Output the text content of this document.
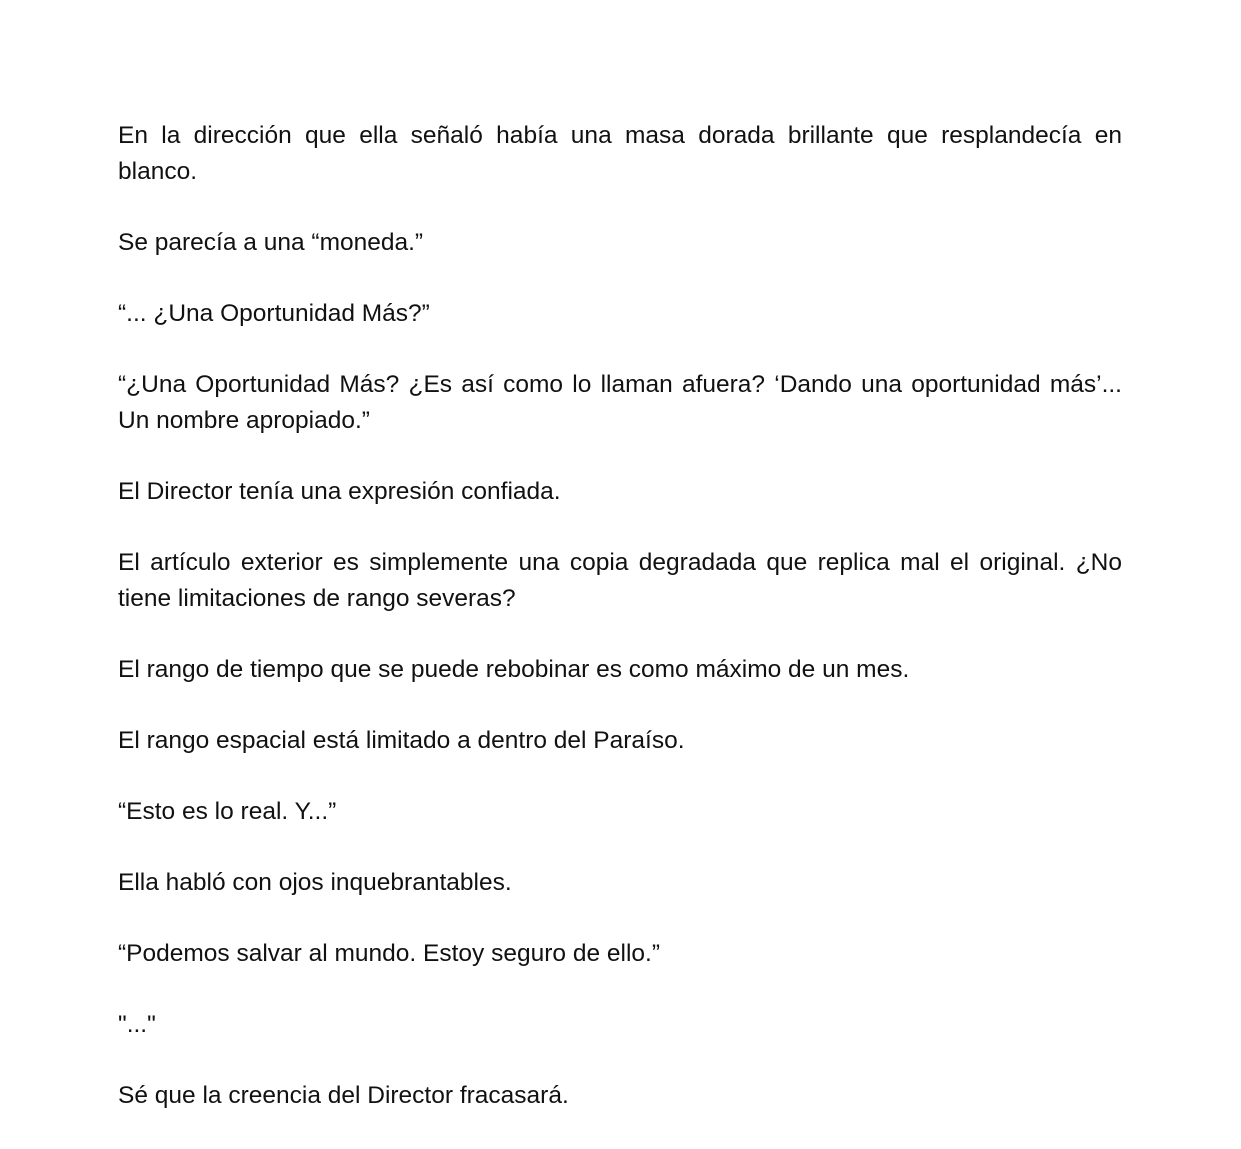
En la dirección que ella señaló había una masa dorada brillante que resplandecía en blanco.

Se parecía a una “moneda.”

“... ¿Una Oportunidad Más?”

“¿Una Oportunidad Más? ¿Es así como lo llaman afuera? ‘Dando una oportunidad más’... Un nombre apropiado.”

El Director tenía una expresión confiada.

El artículo exterior es simplemente una copia degradada que replica mal el original. ¿No tiene limitaciones de rango severas?

El rango de tiempo que se puede rebobinar es como máximo de un mes.

El rango espacial está limitado a dentro del Paraíso.

“Esto es lo real. Y...”

Ella habló con ojos inquebrantables.

“Podemos salvar al mundo. Estoy seguro de ello.”

"..."

Sé que la creencia del Director fracasará.
